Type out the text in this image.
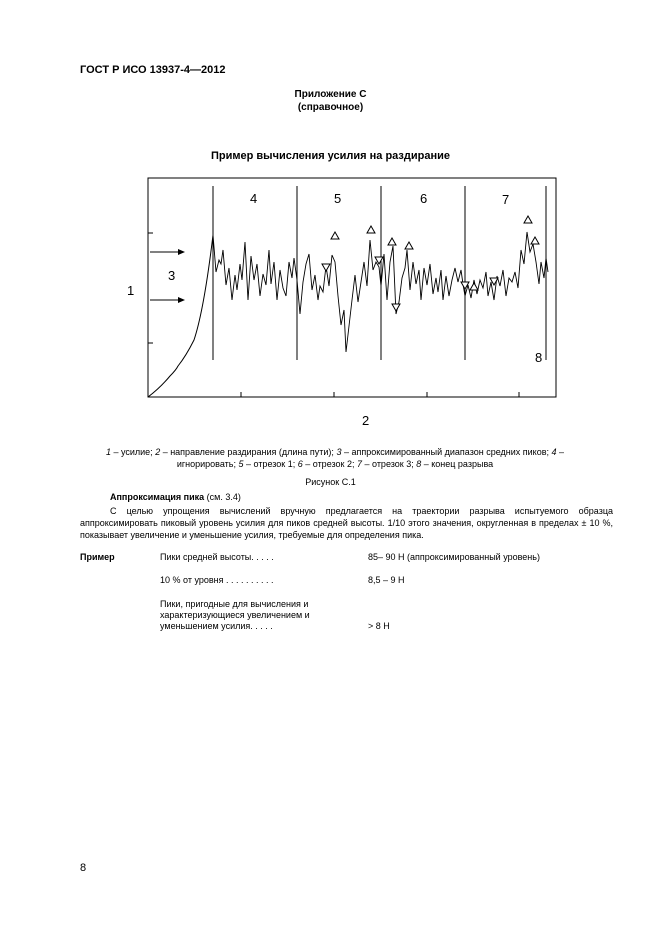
ГОСТ Р ИСО 13937-4—2012
Приложение С
(справочное)
Пример вычисления усилия на раздирание
1
3
4	5	6	7
8
2
1 – усилие; 2 – направление раздирания (длина пути); 3 – аппроксимированный диапазон средних пиков; 4 – игнорировать; 5 – отрезок 1; 6 – отрезок 2; 7 – отрезок 3; 8 – конец разрыва
Рисунок С.1
Аппроксимация пика (см. 3.4)
С целью упрощения вычислений вручную предлагается на траектории разрыва испытуемого образца аппроксимировать пиковый уровень усилия для пиков средней высоты. 1/10 этого значения, округленная в пределах ± 10 %, показывает увеличение и уменьшение усилия, требуемые для определения пика.
Пример	Пики средней высоты. . . . .	85– 90 Н (аппроксимированный уровень)
10 % от уровня . . . . . . . . . .	8,5 – 9 Н
Пики, пригодные для вычисления и характеризующиеся увеличением и уменьшением усилия. . . . .	> 8 Н
8
